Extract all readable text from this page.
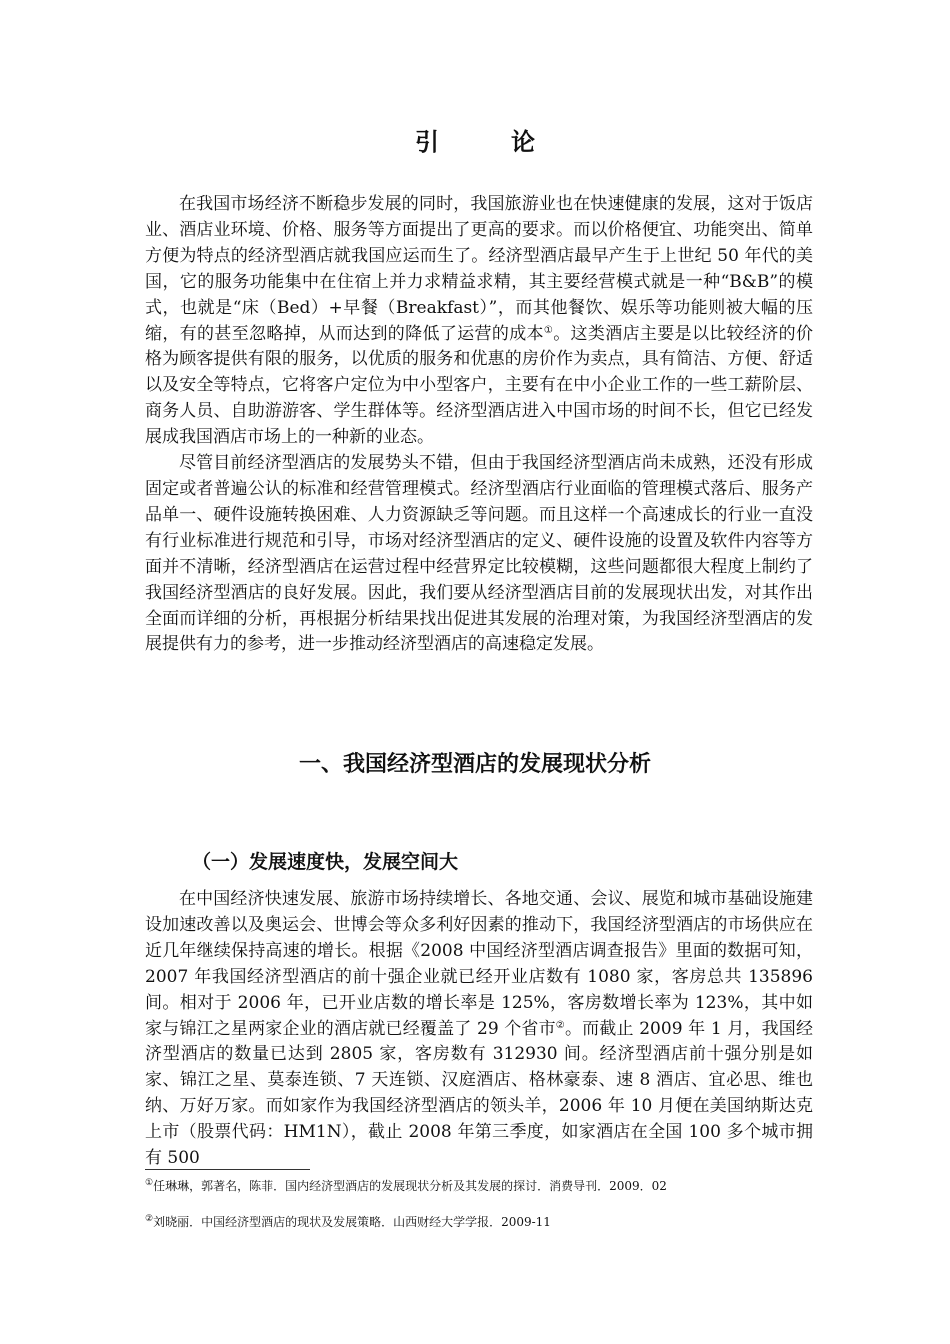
引　论

在我国市场经济不断稳步发展的同时，我国旅游业也在快速健康的发展，这对于饭店业、酒店业环境、价格、服务等方面提出了更高的要求。而以价格便宜、功能突出、简单方便为特点的经济型酒店就我国应运而生了。经济型酒店最早产生于上世纪 50 年代的美国，它的服务功能集中在住宿上并力求精益求精，其主要经营模式就是一种“B&B”的模式，也就是“床（Bed）+早餐（Breakfast）”，而其他餐饮、娱乐等功能则被大幅的压缩，有的甚至忽略掉，从而达到的降低了运营的成本①。这类酒店主要是以比较经济的价格为顾客提供有限的服务，以优质的服务和优惠的房价作为卖点，具有简洁、方便、舒适以及安全等特点，它将客户定位为中小型客户，主要有在中小企业工作的一些工薪阶层、商务人员、自助游游客、学生群体等。经济型酒店进入中国市场的时间不长，但它已经发展成我国酒店市场上的一种新的业态。

尽管目前经济型酒店的发展势头不错，但由于我国经济型酒店尚未成熟，还没有形成固定或者普遍公认的标准和经营管理模式。经济型酒店行业面临的管理模式落后、服务产品单一、硬件设施转换困难、人力资源缺乏等问题。而且这样一个高速成长的行业一直没有行业标准进行规范和引导，市场对经济型酒店的定义、硬件设施的设置及软件内容等方面并不清晰，经济型酒店在运营过程中经营界定比较模糊，这些问题都很大程度上制约了我国经济型酒店的良好发展。因此，我们要从经济型酒店目前的发展现状出发，对其作出全面而详细的分析，再根据分析结果找出促进其发展的治理对策，为我国经济型酒店的发展提供有力的参考，进一步推动经济型酒店的高速稳定发展。

一、我国经济型酒店的发展现状分析
（一）发展速度快，发展空间大

在中国经济快速发展、旅游市场持续增长、各地交通、会议、展览和城市基础设施建设加速改善以及奥运会、世博会等众多利好因素的推动下，我国经济型酒店的市场供应在近几年继续保持高速的增长。根据《2008 中国经济型酒店调查报告》里面的数据可知，2007 年我国经济型酒店的前十强企业就已经开业店数有 1080 家，客房总共 135896 间。相对于 2006 年，已开业店数的增长率是 125%，客房数增长率为 123%，其中如家与锦江之星两家企业的酒店就已经覆盖了 29 个省市②。而截止 2009 年 1 月，我国经济型酒店的数量已达到 2805 家，客房数有 312930 间。经济型酒店前十强分别是如家、锦江之星、莫泰连锁、7 天连锁、汉庭酒店、格林豪泰、速 8 酒店、宜必思、维也纳、万好万家。而如家作为我国经济型酒店的领头羊，2006 年 10 月便在美国纳斯达克上市（股票代码：HM1N），截止 2008 年第三季度，如家酒店在全国 100 多个城市拥有 500

①任琳琳，郭著名，陈菲．国内经济型酒店的发展现状分析及其发展的探讨．消费导刊．2009．02

②刘晓丽．中国经济型酒店的现状及发展策略．山西财经大学学报．2009-11
